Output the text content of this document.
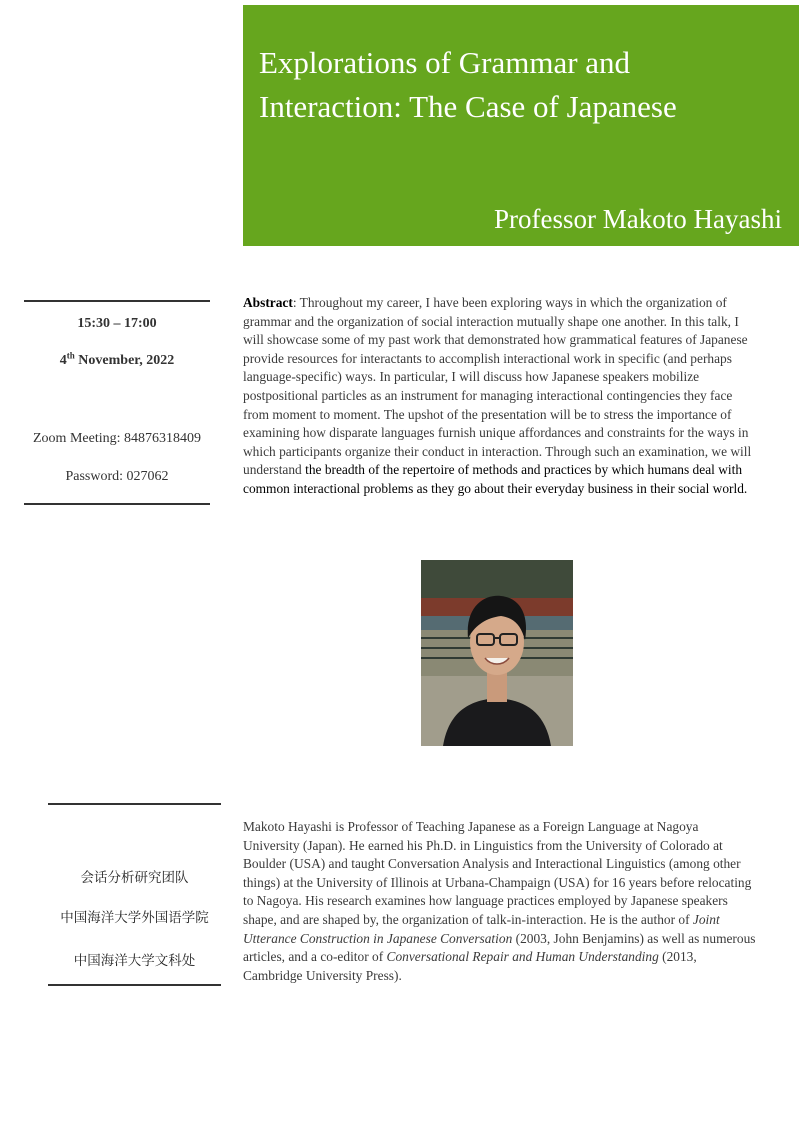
Explorations of Grammar and
Interaction: The Case of Japanese
Professor Makoto Hayashi
15:30 – 17:00
4th November, 2022
Zoom Meeting: 84876318409
Password: 027062
Abstract: Throughout my career, I have been exploring ways in which the organization of grammar and the organization of social interaction mutually shape one another. In this talk, I will showcase some of my past work that demonstrated how grammatical features of Japanese provide resources for interactants to accomplish interactional work in specific (and perhaps language-specific) ways. In particular, I will discuss how Japanese speakers mobilize postpositional particles as an instrument for managing interactional contingencies they face from moment to moment. The upshot of the presentation will be to stress the importance of examining how disparate languages furnish unique affordances and constraints for the ways in which participants organize their conduct in interaction. Through such an examination, we will understand the breadth of the repertoire of methods and practices by which humans deal with common interactional problems as they go about their everyday business in their social world.
会话分析研究团队
中国海洋大学外国语学院
中国海洋大学文科处
Makoto Hayashi is Professor of Teaching Japanese as a Foreign Language at Nagoya University (Japan). He earned his Ph.D. in Linguistics from the University of Colorado at Boulder (USA) and taught Conversation Analysis and Interactional Linguistics (among other things) at the University of Illinois at Urbana-Champaign (USA) for 16 years before relocating to Nagoya. His research examines how language practices employed by Japanese speakers shape, and are shaped by, the organization of talk-in-interaction. He is the author of Joint Utterance Construction in Japanese Conversation (2003, John Benjamins) as well as numerous articles, and a co-editor of Conversational Repair and Human Understanding (2013, Cambridge University Press).
